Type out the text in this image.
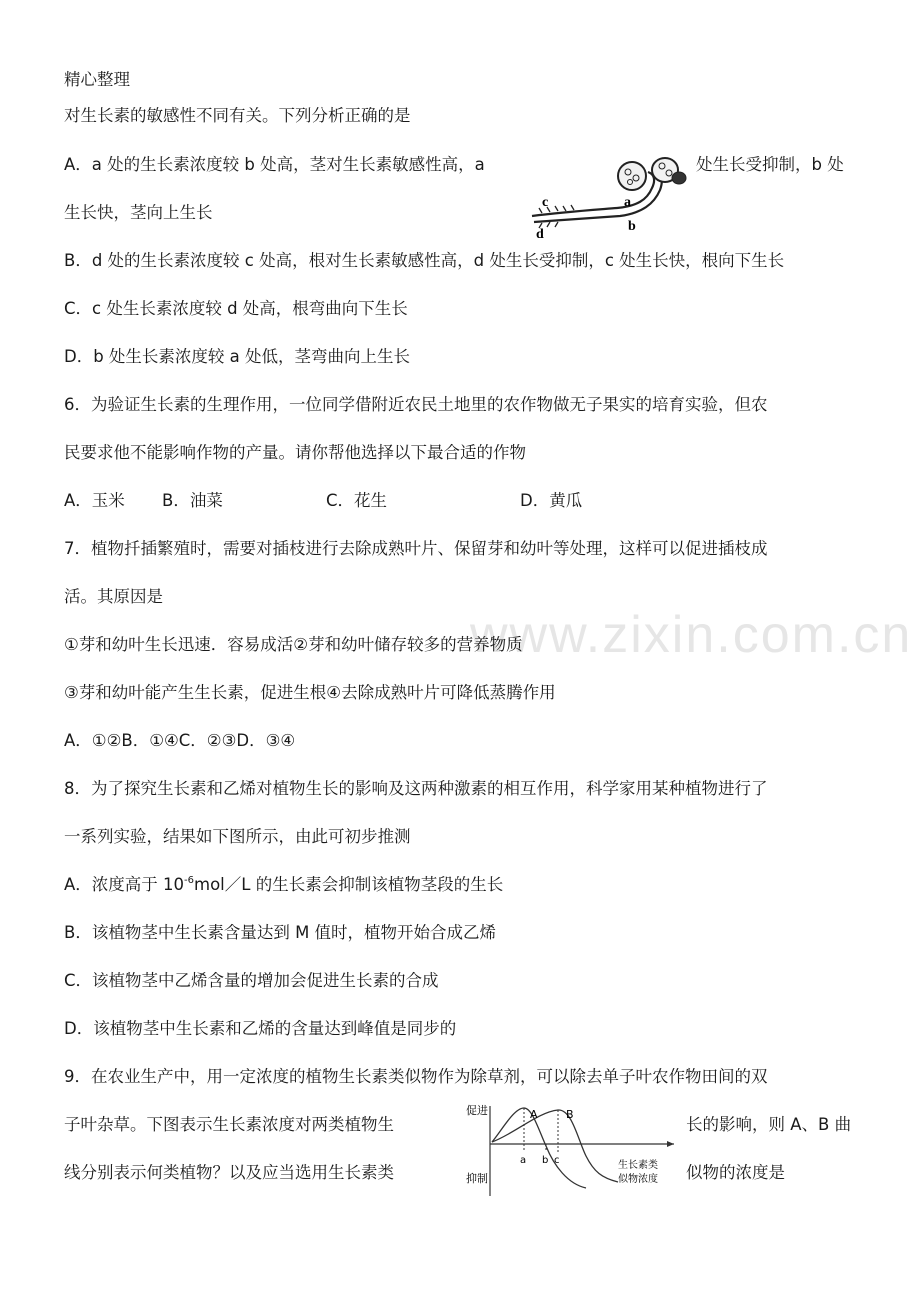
www.zixin.com.cn
精心整理
对生长素的敏感性不同有关。下列分析正确的是
A．a 处的生长素浓度较 b 处高，茎对生长素敏感性高，a	处生长受抑制，b 处
生长快，茎向上生长
c
d
a
b
B．d 处的生长素浓度较 c 处高，根对生长素敏感性高，d 处生长受抑制，c 处生长快，根向下生长
C．c 处生长素浓度较 d 处高，根弯曲向下生长
D．b 处生长素浓度较 a 处低，茎弯曲向上生长
6．为验证生长素的生理作用，一位同学借附近农民土地里的农作物做无子果实的培育实验，但农
民要求他不能影响作物的产量。请你帮他选择以下最合适的作物
A．玉米 B．油菜	C．花生	D．黄瓜
7．植物扦插繁殖时，需要对插枝进行去除成熟叶片、保留芽和幼叶等处理，这样可以促进插枝成
活。其原因是
①芽和幼叶生长迅速．容易成活②芽和幼叶储存较多的营养物质
③芽和幼叶能产生生长素，促进生根④去除成熟叶片可降低蒸腾作用
A．①②B．①④C．②③D．③④
8．为了探究生长素和乙烯对植物生长的影响及这两种激素的相互作用，科学家用某种植物进行了
一系列实验，结果如下图所示，由此可初步推测
A．浓度高于 $10^{-6}mol/L$ 的生长素会抑制该植物茎段的生长
B．该植物茎中生长素含量达到 M 值时，植物开始合成乙烯
C．该植物茎中乙烯含量的增加会促进生长素的合成
D．该植物茎中生长素和乙烯的含量达到峰值是同步的
9．在农业生产中，用一定浓度的植物生长素类似物作为除草剂，可以除去单子叶农作物田间的双
子叶杂草。下图表示生长素浓度对两类植物生	长的影响，则 A、B 曲
线分别表示何类植物？以及应当选用生长素类	似物的浓度是
促进
抑制
A	B
a b c	生长素类
似物浓度
